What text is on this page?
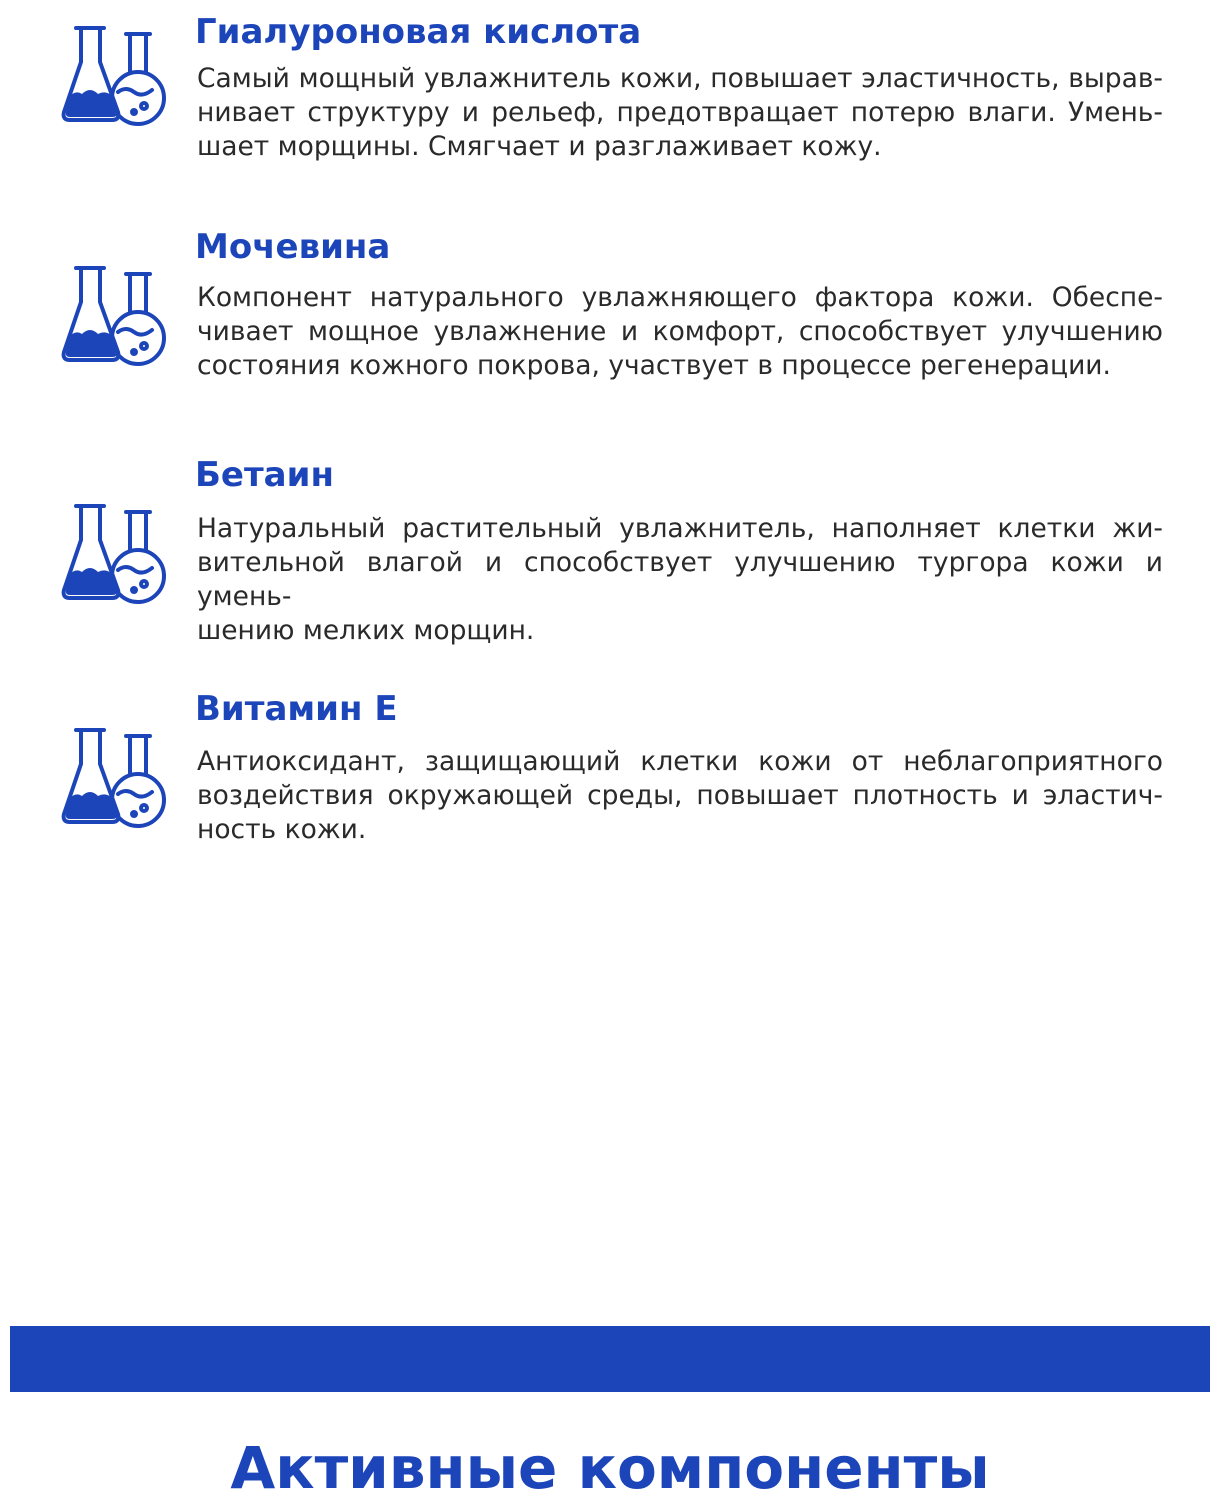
Гиалуроновая кислота

Самый мощный увлажнитель кожи, повышает эластичность, вырав-
нивает структуру и рельеф, предотвращает потерю влаги. Умень-
шает морщины. Смягчает и разглаживает кожу.

Мочевина

Компонент натурального увлажняющего фактора кожи. Обеспе-
чивает мощное увлажнение и комфорт, способствует улучшению
состояния кожного покрова, участвует в процессе регенерации.

Бетаин

Натуральный растительный увлажнитель, наполняет клетки жи-
вительной влагой и способствует улучшению тургора кожи и умень-
шению мелких морщин.

Витамин Е

Антиоксидант, защищающий клетки кожи от неблагоприятного
воздействия окружающей среды, повышает плотность и эластич-
ность кожи.

Активные компоненты
